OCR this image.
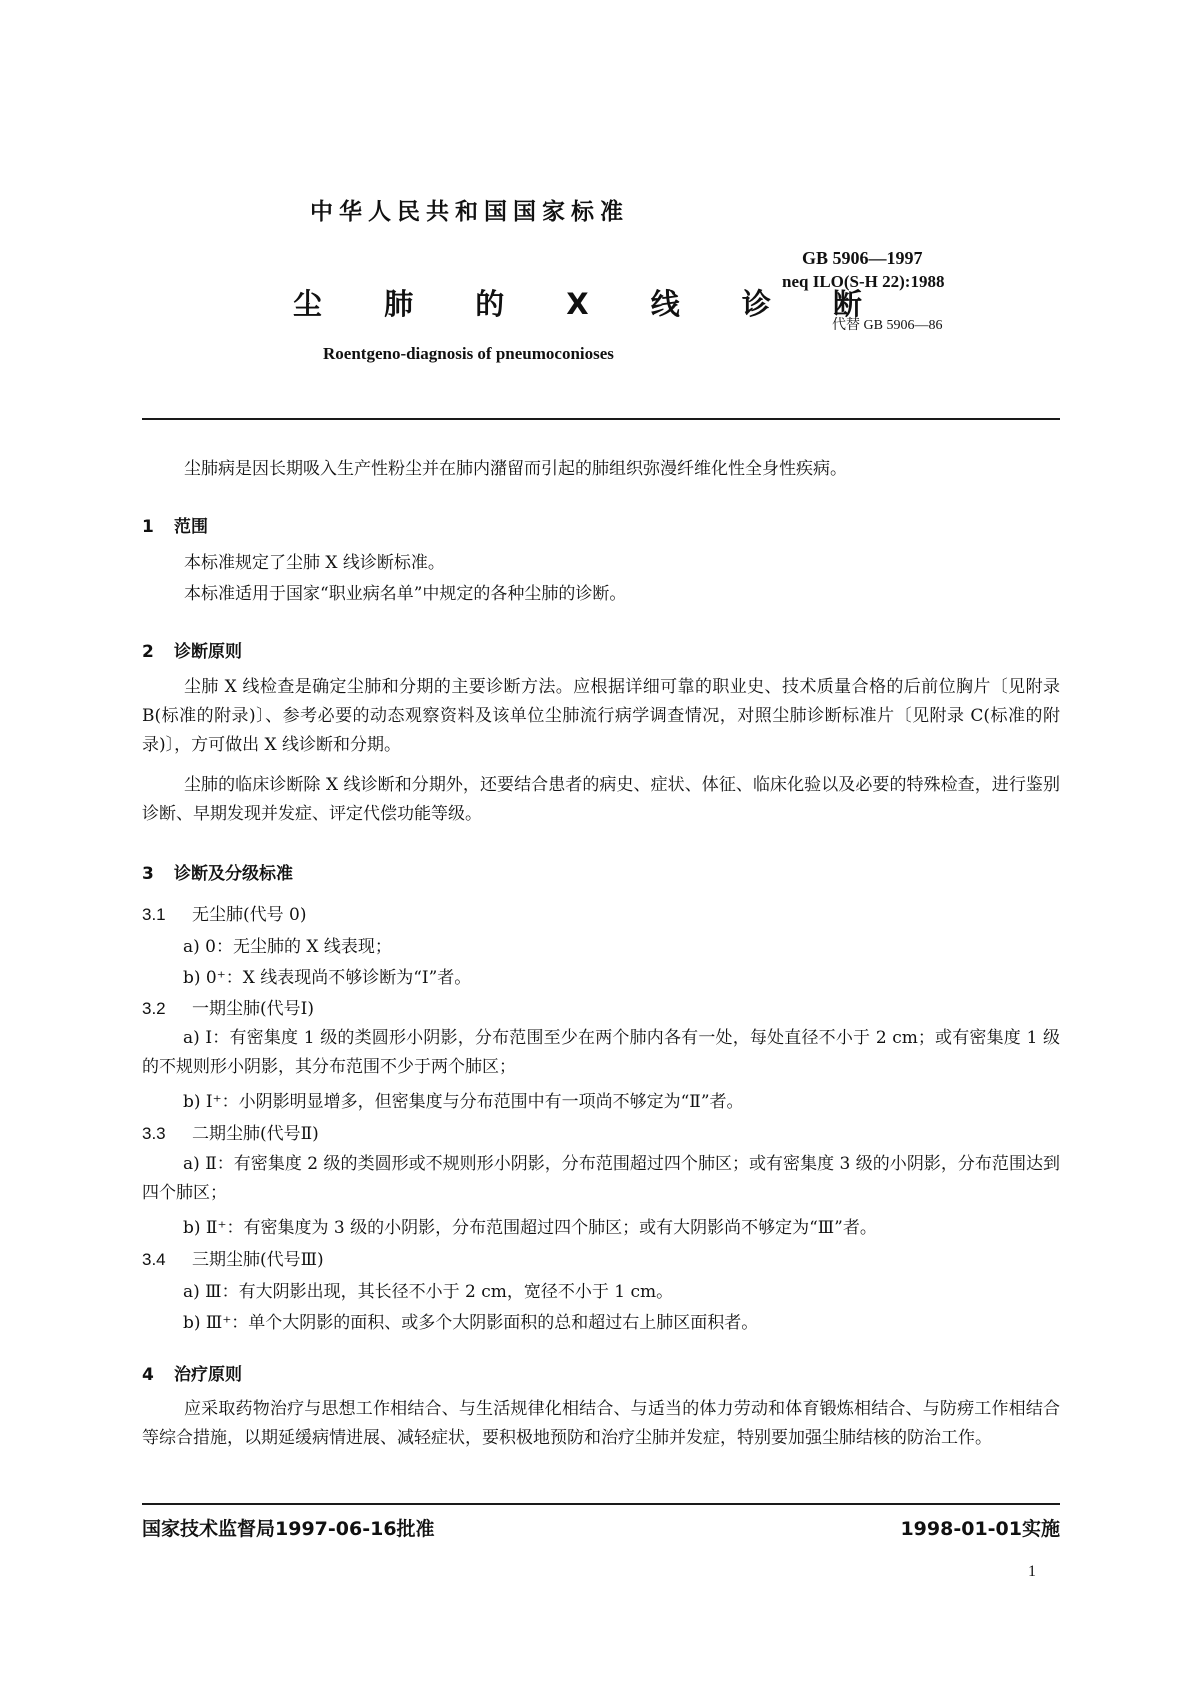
中华人民共和国国家标准
尘 肺 的 X 线 诊 断
Roentgeno-diagnosis of pneumoconioses
GB 5906—1997
neq ILO(S-H 22):1988
代替 GB 5906—86
尘肺病是因长期吸入生产性粉尘并在肺内潴留而引起的肺组织弥漫纤维化性全身性疾病。
1 范围
本标准规定了尘肺 X 线诊断标准。
本标准适用于国家“职业病名单”中规定的各种尘肺的诊断。
2 诊断原则
尘肺 X 线检查是确定尘肺和分期的主要诊断方法。应根据详细可靠的职业史、技术质量合格的后前位胸片〔见附录 B(标准的附录)〕、参考必要的动态观察资料及该单位尘肺流行病学调查情况，对照尘肺诊断标准片〔见附录 C(标准的附录)〕，方可做出 X 线诊断和分期。
尘肺的临床诊断除 X 线诊断和分期外，还要结合患者的病史、症状、体征、临床化验以及必要的特殊检查，进行鉴别诊断、早期发现并发症、评定代偿功能等级。
3 诊断及分级标准
3.1 无尘肺(代号 0)
a) 0：无尘肺的 X 线表现；
b) 0⁺：X 线表现尚不够诊断为“Ⅰ”者。
3.2 一期尘肺(代号Ⅰ)
a) Ⅰ：有密集度 1 级的类圆形小阴影，分布范围至少在两个肺内各有一处，每处直径不小于 2 cm；或有密集度 1 级的不规则形小阴影，其分布范围不少于两个肺区；
b) Ⅰ⁺：小阴影明显增多，但密集度与分布范围中有一项尚不够定为“Ⅱ”者。
3.3 二期尘肺(代号Ⅱ)
a) Ⅱ：有密集度 2 级的类圆形或不规则形小阴影，分布范围超过四个肺区；或有密集度 3 级的小阴影，分布范围达到四个肺区；
b) Ⅱ⁺：有密集度为 3 级的小阴影，分布范围超过四个肺区；或有大阴影尚不够定为“Ⅲ”者。
3.4 三期尘肺(代号Ⅲ)
a) Ⅲ：有大阴影出现，其长径不小于 2 cm，宽径不小于 1 cm。
b) Ⅲ⁺：单个大阴影的面积、或多个大阴影面积的总和超过右上肺区面积者。
4 治疗原则
应采取药物治疗与思想工作相结合、与生活规律化相结合、与适当的体力劳动和体育锻炼相结合、与防痨工作相结合等综合措施，以期延缓病情进展、减轻症状，要积极地预防和治疗尘肺并发症，特别要加强尘肺结核的防治工作。
国家技术监督局1997-06-16批准	1998-01-01实施
1
